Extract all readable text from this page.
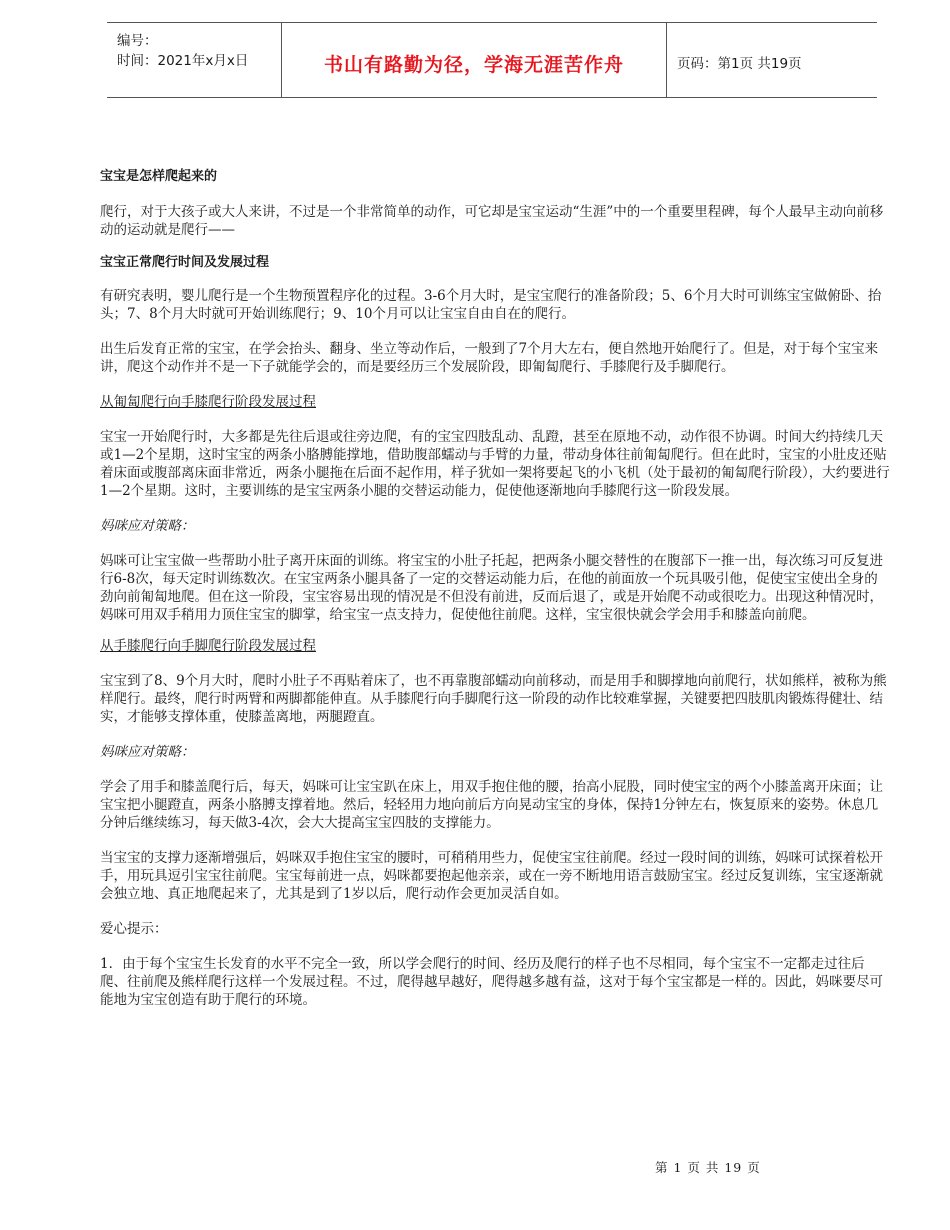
编号：
时间：2021年x月x日	书山有路勤为径，学海无涯苦作舟	页码：第1页 共19页

宝宝是怎样爬起来的

爬行，对于大孩子或大人来讲，不过是一个非常简单的动作，可它却是宝宝运动“生涯”中的一个重要里程碑，每个人最早主动向前移动的运动就是爬行——

宝宝正常爬行时间及发展过程

有研究表明，婴儿爬行是一个生物预置程序化的过程。3-6个月大时，是宝宝爬行的准备阶段；5、6个月大时可训练宝宝做俯卧、抬头；7、8个月大时就可开始训练爬行；9、10个月可以让宝宝自由自在的爬行。

出生后发育正常的宝宝，在学会抬头、翻身、坐立等动作后，一般到了7个月大左右，便自然地开始爬行了。但是，对于每个宝宝来讲，爬这个动作并不是一下子就能学会的，而是要经历三个发展阶段，即匍匐爬行、手膝爬行及手脚爬行。

从匍匐爬行向手膝爬行阶段发展过程

宝宝一开始爬行时，大多都是先往后退或往旁边爬，有的宝宝四肢乱动、乱蹬，甚至在原地不动，动作很不协调。时间大约持续几天或1—2个星期，这时宝宝的两条小胳膊能撑地，借助腹部蠕动与手臂的力量，带动身体往前匍匐爬行。但在此时，宝宝的小肚皮还贴着床面或腹部离床面非常近，两条小腿拖在后面不起作用，样子犹如一架将要起飞的小飞机（处于最初的匍匐爬行阶段），大约要进行1—2个星期。这时，主要训练的是宝宝两条小腿的交替运动能力，促使他逐渐地向手膝爬行这一阶段发展。

妈咪应对策略：

妈咪可让宝宝做一些帮助小肚子离开床面的训练。将宝宝的小肚子托起，把两条小腿交替性的在腹部下一推一出，每次练习可反复进行6-8次，每天定时训练数次。在宝宝两条小腿具备了一定的交替运动能力后，在他的前面放一个玩具吸引他，促使宝宝使出全身的劲向前匍匐地爬。但在这一阶段，宝宝容易出现的情况是不但没有前进，反而后退了，或是开始爬不动或很吃力。出现这种情况时，妈咪可用双手稍用力顶住宝宝的脚掌，给宝宝一点支持力，促使他往前爬。这样，宝宝很快就会学会用手和膝盖向前爬。

从手膝爬行向手脚爬行阶段发展过程

宝宝到了8、9个月大时，爬时小肚子不再贴着床了，也不再靠腹部蠕动向前移动，而是用手和脚撑地向前爬行，状如熊样，被称为熊样爬行。最终，爬行时两臂和两脚都能伸直。从手膝爬行向手脚爬行这一阶段的动作比较难掌握，关键要把四肢肌肉锻炼得健壮、结实，才能够支撑体重，使膝盖离地，两腿蹬直。

妈咪应对策略：

学会了用手和膝盖爬行后，每天，妈咪可让宝宝趴在床上，用双手抱住他的腰，抬高小屁股，同时使宝宝的两个小膝盖离开床面；让宝宝把小腿蹬直，两条小胳膊支撑着地。然后，轻轻用力地向前后方向晃动宝宝的身体，保持1分钟左右，恢复原来的姿势。休息几分钟后继续练习，每天做3-4次，会大大提高宝宝四肢的支撑能力。

当宝宝的支撑力逐渐增强后，妈咪双手抱住宝宝的腰时，可稍稍用些力，促使宝宝往前爬。经过一段时间的训练，妈咪可试探着松开手，用玩具逗引宝宝往前爬。宝宝每前进一点，妈咪都要抱起他亲亲，或在一旁不断地用语言鼓励宝宝。经过反复训练，宝宝逐渐就会独立地、真正地爬起来了，尤其是到了1岁以后，爬行动作会更加灵活自如。

爱心提示：

1．由于每个宝宝生长发育的水平不完全一致，所以学会爬行的时间、经历及爬行的样子也不尽相同，每个宝宝不一定都走过往后爬、往前爬及熊样爬行这样一个发展过程。不过，爬得越早越好，爬得越多越有益，这对于每个宝宝都是一样的。因此，妈咪要尽可能地为宝宝创造有助于爬行的环境。

第 1 页 共 19 页
